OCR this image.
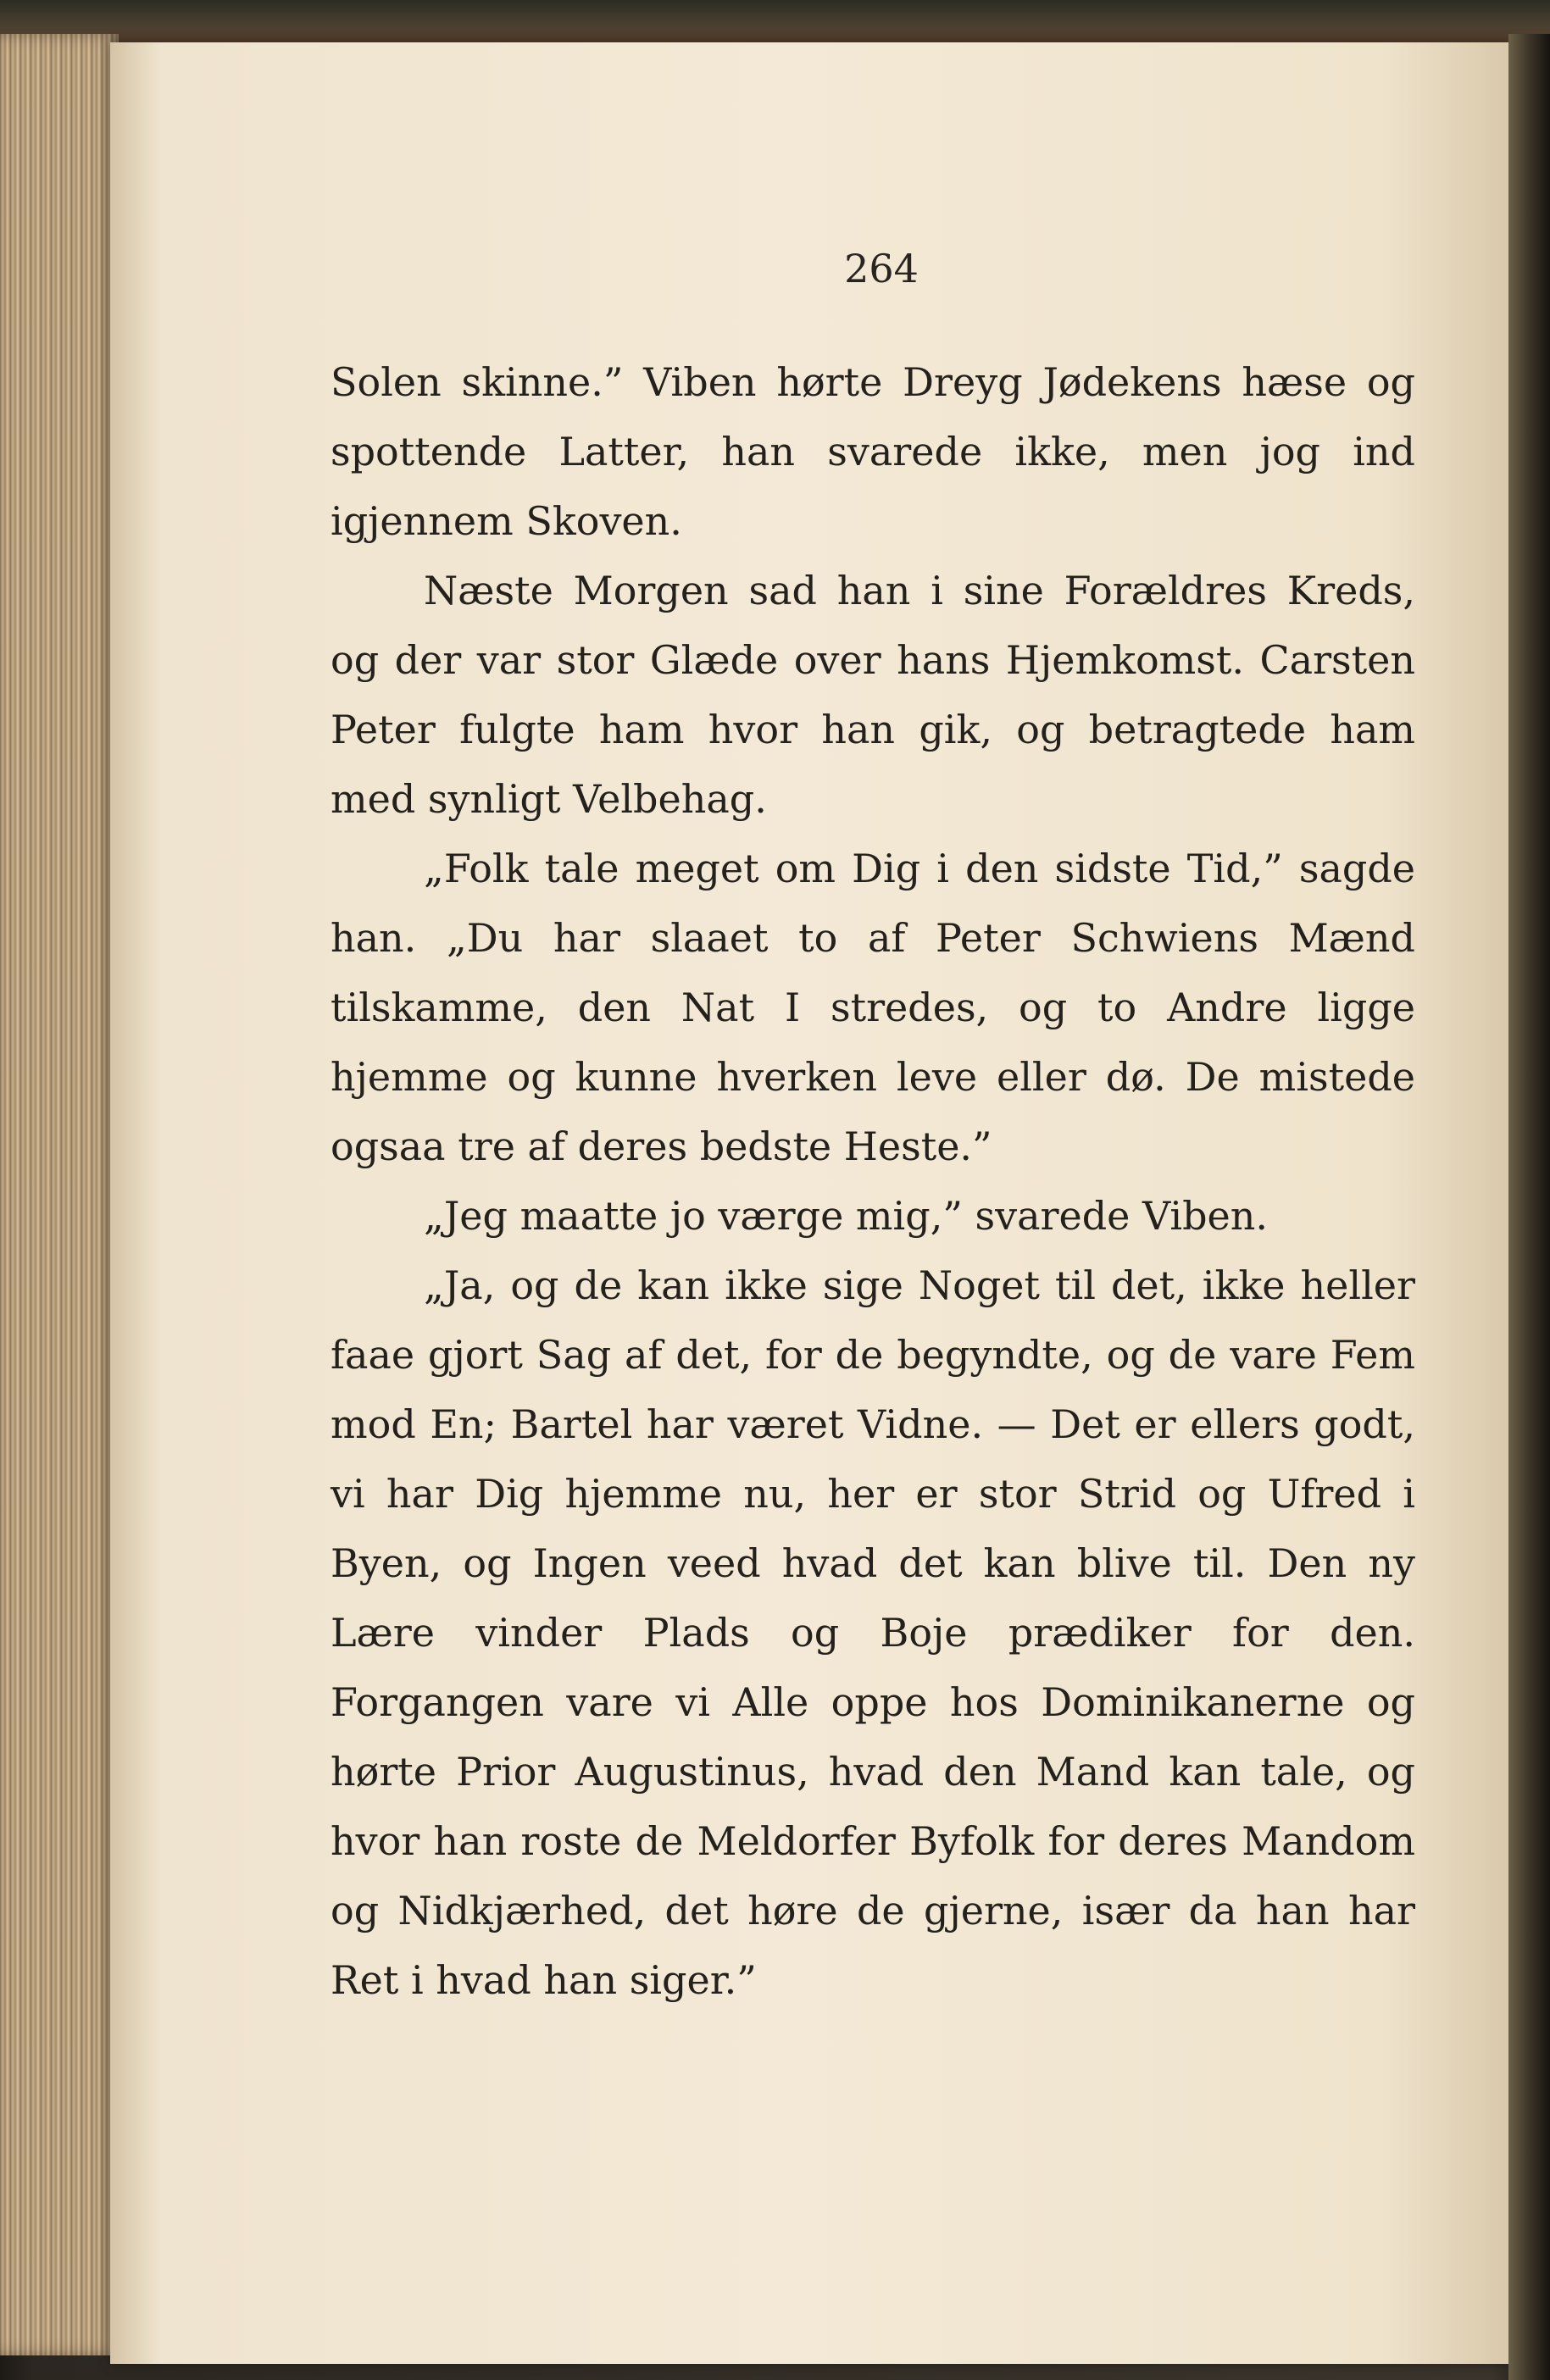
264

Solen skinne.” Viben hørte Dreyg Jødekens hæse og spottende Latter, han svarede ikke, men jog ind igjennem Skoven.

Næste Morgen sad han i sine Forældres Kreds, og der var stor Glæde over hans Hjemkomst. Carsten Peter fulgte ham hvor han gik, og betragtede ham med synligt Velbehag.

„Folk tale meget om Dig i den sidste Tid,” sagde han. „Du har slaaet to af Peter Schwiens Mænd tilskamme, den Nat I stredes, og to Andre ligge hjemme og kunne hverken leve eller dø. De mistede ogsaa tre af deres bedste Heste.”

„Jeg maatte jo værge mig,” svarede Viben.

„Ja, og de kan ikke sige Noget til det, ikke heller faae gjort Sag af det, for de begyndte, og de vare Fem mod En; Bartel har været Vidne. — Det er ellers godt, vi har Dig hjemme nu, her er stor Strid og Ufred i Byen, og Ingen veed hvad det kan blive til. Den ny Lære vinder Plads og Boje prædiker for den. Forgangen vare vi Alle oppe hos Dominikanerne og hørte Prior Augustinus, hvad den Mand kan tale, og hvor han roste de Meldorfer Byfolk for deres Mandom og Nidkjærhed, det høre de gjerne, især da han har Ret i hvad han siger.”
